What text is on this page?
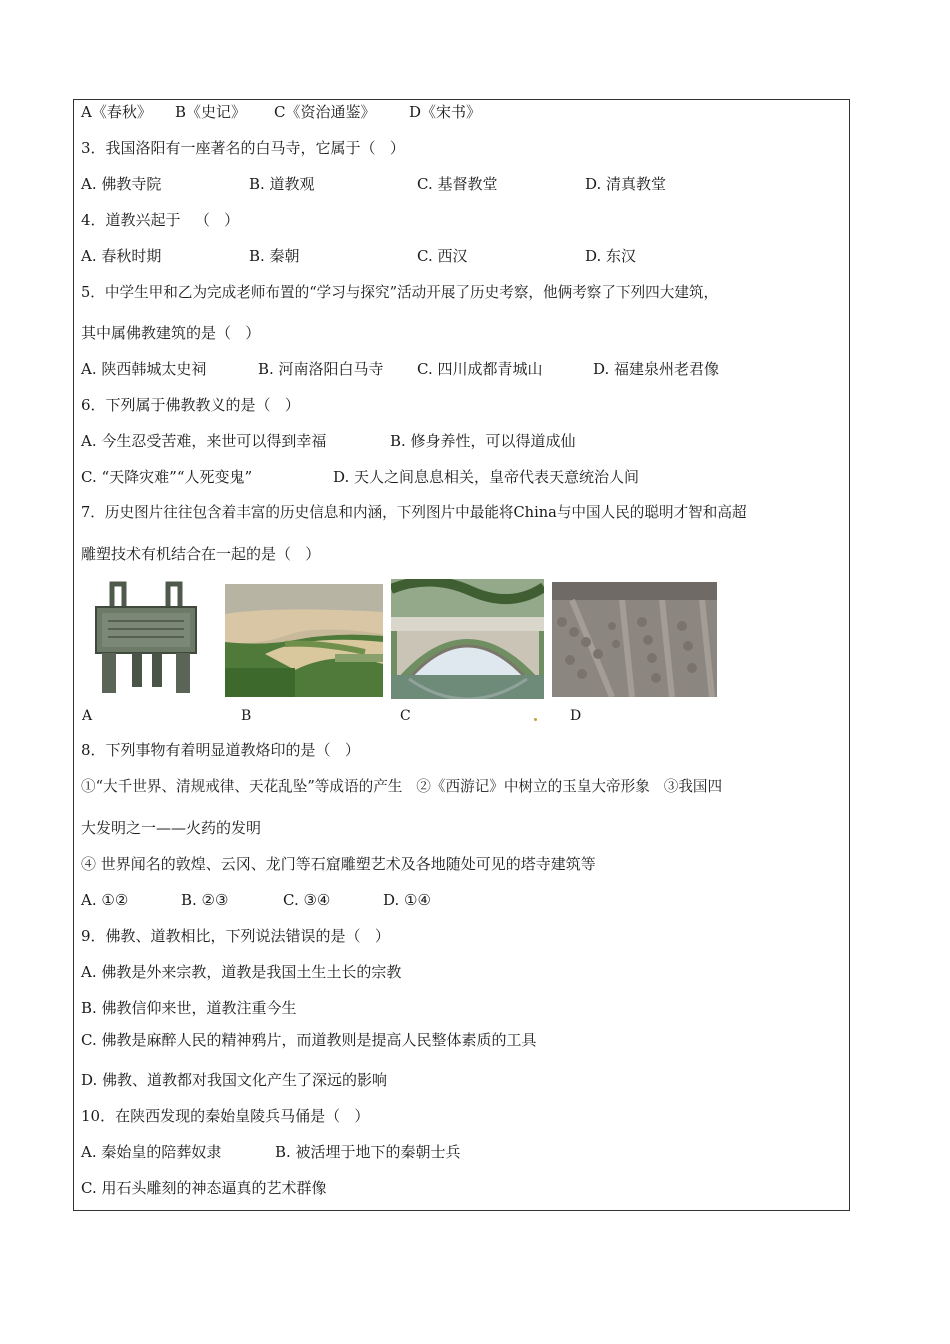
A《春秋》 B《史记》 C《资治通鉴》 D《宋书》
3．我国洛阳有一座著名的白马寺，它属于（   ）
A. 佛教寺院	B. 道教观	C. 基督教堂	D. 清真教堂
4．道教兴起于   （   ）
A. 春秋时期	B. 秦朝	C. 西汉	D. 东汉
5．中学生甲和乙为完成老师布置的“学习与探究”活动开展了历史考察，他俩考察了下列四大建筑，
其中属佛教建筑的是（   ）
A. 陕西韩城太史祠	B. 河南洛阳白马寺 C. 四川成都青城山	D. 福建泉州老君像
6．下列属于佛教教义的是（   ）
A. 今生忍受苦难，来世可以得到幸福	B. 修身养性，可以得道成仙
C. “天降灾难”“人死变鬼”	D. 天人之间息息相关，皇帝代表天意统治人间
7．历史图片往往包含着丰富的历史信息和内涵，下列图片中最能将China与中国人民的聪明才智和高超
雕塑技术有机结合在一起的是（   ）
A	B	C	D
8．下列事物有着明显道教烙印的是（   ）
①“大千世界、清规戒律、天花乱坠”等成语的产生   ②《西游记》中树立的玉皇大帝形象   ③我国四
大发明之一——火药的发明
④ 世界闻名的敦煌、云冈、龙门等石窟雕塑艺术及各地随处可见的塔寺建筑等
A. ①②	B. ②③	C. ③④	D. ①④
9．佛教、道教相比，下列说法错误的是（   ）
A. 佛教是外来宗教，道教是我国土生土长的宗教
B. 佛教信仰来世，道教注重今生
C. 佛教是麻醉人民的精神鸦片，而道教则是提高人民整体素质的工具
D. 佛教、道教都对我国文化产生了深远的影响
10．在陕西发现的秦始皇陵兵马俑是（   ）
A. 秦始皇的陪葬奴隶	B. 被活埋于地下的秦朝士兵
C. 用石头雕刻的神态逼真的艺术群像
